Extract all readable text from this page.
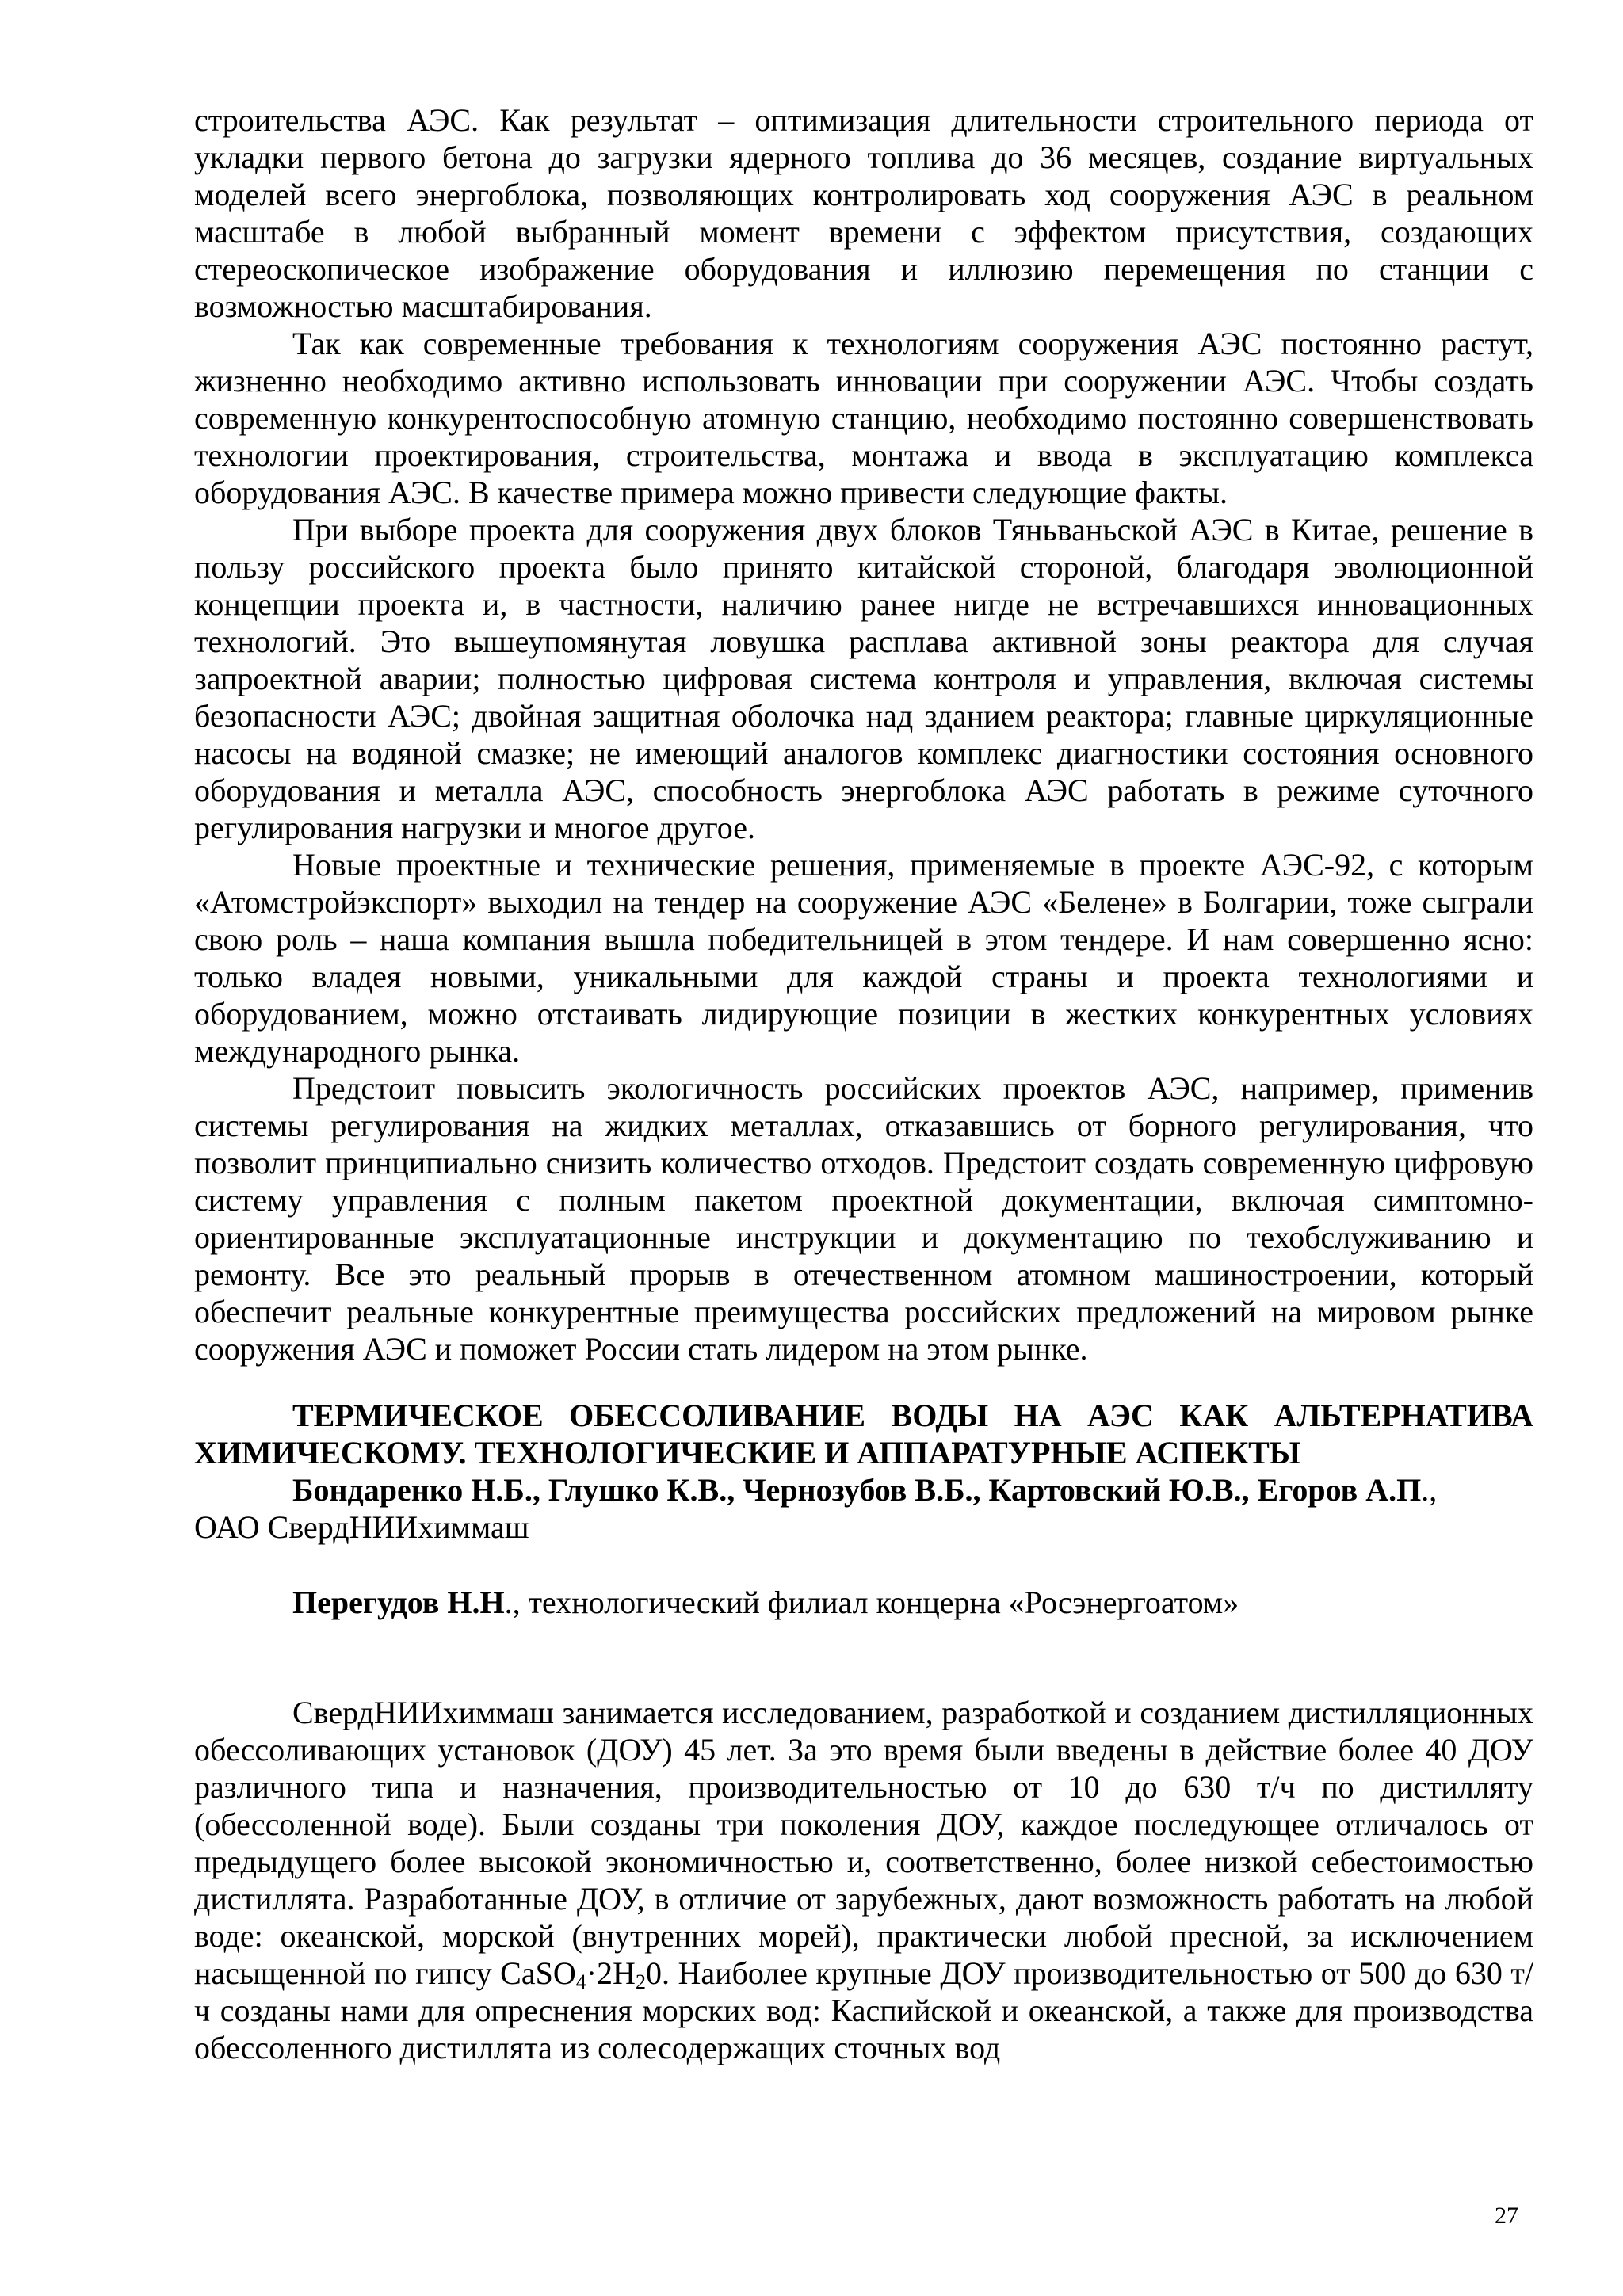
строительства АЭС. Как результат – оптимизация длительности строительного периода от укладки первого бетона до загрузки ядерного топлива до 36 месяцев, создание виртуальных моделей всего энергоблока, позволяющих контролировать ход сооружения АЭС в реальном масштабе в любой выбранный момент времени с эффектом присутствия, создающих стереоскопическое изображение оборудования и иллюзию перемещения по станции с возможностью масштабирования.

Так как современные требования к технологиям сооружения АЭС постоянно растут, жизненно необходимо активно использовать инновации при сооружении АЭС. Чтобы создать современную конкурентоспособную атомную станцию, необходимо постоянно совершенствовать технологии проектирования, строительства, монтажа и ввода в эксплуатацию комплекса оборудования АЭС. В качестве примера можно привести следующие факты.

При выборе проекта для сооружения двух блоков Тяньваньской АЭС в Китае, решение в пользу российского проекта было принято китайской стороной, благодаря эволюционной концепции проекта и, в частности, наличию ранее нигде не встречавшихся инновационных технологий. Это вышеупомянутая ловушка расплава активной зоны реактора для случая запроектной аварии; полностью цифровая система контроля и управления, включая системы безопасности АЭС; двойная защитная оболочка над зданием реактора; главные циркуляционные насосы на водяной смазке; не имеющий аналогов комплекс диагностики состояния основного оборудования и металла АЭС, способность энергоблока АЭС работать в режиме суточного регулирования нагрузки и многое другое.

Новые проектные и технические решения, применяемые в проекте АЭС-92, с которым «Атомстройэкспорт» выходил на тендер на сооружение АЭС «Белене» в Болгарии, тоже сыграли свою роль – наша компания вышла победительницей в этом тендере. И нам совершенно ясно: только владея новыми, уникальными для каждой страны и проекта технологиями и оборудованием, можно отстаивать лидирующие позиции в жестких конкурентных условиях международного рынка.

Предстоит повысить экологичность российских проектов АЭС, например, применив системы регулирования на жидких металлах, отказавшись от борного регулирования, что позволит принципиально снизить количество отходов. Предстоит создать современную цифровую систему управления с полным пакетом проектной документации, включая симптомно-ориентированные эксплуатационные инструкции и документацию по техобслуживанию и ремонту. Все это реальный прорыв в отечественном атомном машиностроении, который обеспечит реальные конкурентные преимущества российских предложений на мировом рынке сооружения АЭС и поможет России стать лидером на этом рынке.

ТЕРМИЧЕСКОЕ ОБЕССОЛИВАНИЕ ВОДЫ НА АЭС КАК АЛЬТЕРНАТИВА ХИМИЧЕСКОМУ. ТЕХНОЛОГИЧЕСКИЕ И АППАРАТУРНЫЕ АСПЕКТЫ

Бондаренко Н.Б., Глушко К.В., Чернозубов В.Б., Картовский Ю.В., Егоров А.П.,

ОАО СвердНИИхиммаш

Перегудов Н.Н., технологический филиал концерна «Росэнергоатом»

СвердНИИхиммаш занимается исследованием, разработкой и созданием дистилляционных обессоливающих установок (ДОУ) 45 лет. За это время были введены в действие более 40 ДОУ различного типа и назначения, производительностью от 10 до 630 т/ч по дистилляту (обессоленной воде). Были созданы три поколения ДОУ, каждое последующее отличалось от предыдущего более высокой экономичностью и, соответственно, более низкой себестоимостью дистиллята. Разработанные ДОУ, в отличие от зарубежных, дают возможность работать на любой воде: океанской, морской (внутренних морей), практически любой пресной, за исключением насыщенной по гипсу $CaSO_4\cdot 2H_20$. Наиболее крупные ДОУ производительностью от 500 до 630 т/ч созданы нами для опреснения морских вод: Каспийской и океанской, а также для производства обессоленного дистиллята из солесодержащих сточных вод

27
